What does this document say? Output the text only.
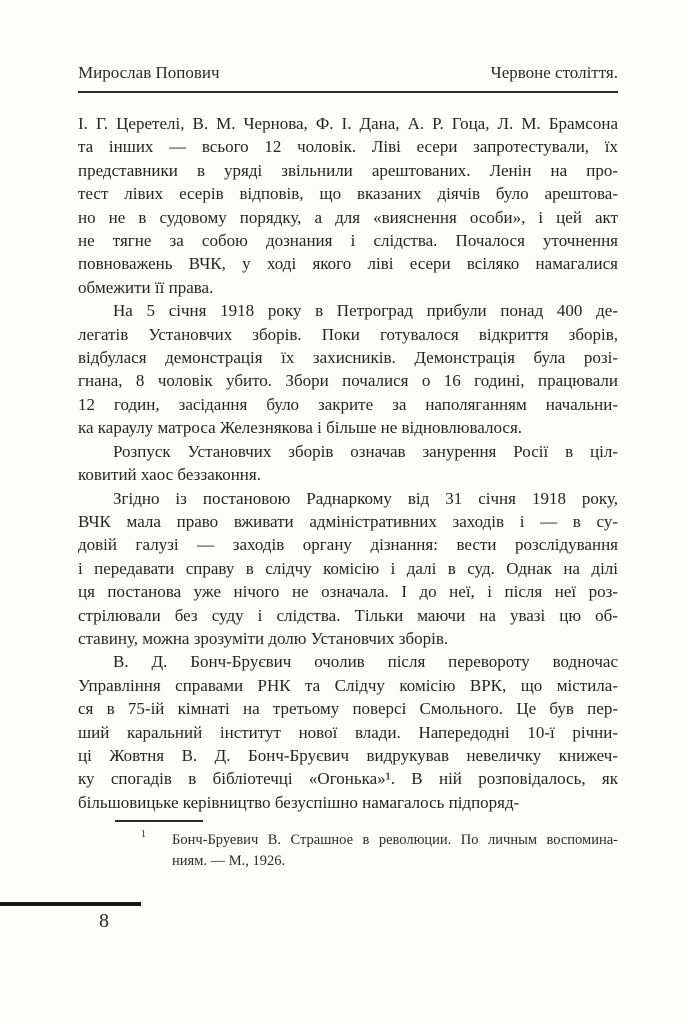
Мирослав Попович	Червоне століття.
І. Г. Церетелі, В. М. Чернова, Ф. І. Дана, А. Р. Гоца, Л. М. Брамсона
та інших — всього 12 чоловік. Ліві есери запротестували, їх
представники в уряді звільнили арештованих. Ленін на про-
тест лівих есерів відповів, що вказаних діячів було арештова-
но не в судовому порядку, а для «вияснення особи», і цей акт
не тягне за собою дознания і слідства. Почалося уточнення
повноважень ВЧК, у ході якого ліві есери всіляко намагалися
обмежити її права.
На 5 січня 1918 року в Петроград прибули понад 400 де-
легатів Установчих зборів. Поки готувалося відкриття зборів,
відбулася демонстрація їх захисників. Демонстрація була розі-
гнана, 8 чоловік убито. Збори почалися о 16 годині, працювали
12 годин, засідання було закрите за наполяганням начальни-
ка караулу матроса Железнякова і більше не відновлювалося.
Розпуск Установчих зборів означав занурення Росії в ціл-
ковитий хаос беззаконня.
Згідно із постановою Раднаркому від 31 січня 1918 року,
ВЧК мала право вживати адміністративних заходів і — в су-
довій галузі — заходів органу дізнання: вести розслідування
і передавати справу в слідчу комісію і далі в суд. Однак на ділі
ця постанова уже нічого не означала. І до неї, і після неї роз-
стрілювали без суду і слідства. Тільки маючи на увазі цю об-
ставину, можна зрозуміти долю Установчих зборів.
В. Д. Бонч-Бруєвич очолив після перевороту водночас
Управління справами РНК та Слідчу комісію ВРК, що містила-
ся в 75-ій кімнаті на третьому поверсі Смольного. Це був пер-
ший каральний інститут нової влади. Напередодні 10-ї річни-
ці Жовтня В. Д. Бонч-Бруєвич видрукував невеличку книжеч-
ку спогадів в бібліотечці «Огонька»¹. В ній розповідалось, як
більшовицьке керівництво безуспішно намагалось підпоряд-
1 Бонч-Бруевич В. Страшное в революции. По личным воспомина-
ниям. — М., 1926.
8
